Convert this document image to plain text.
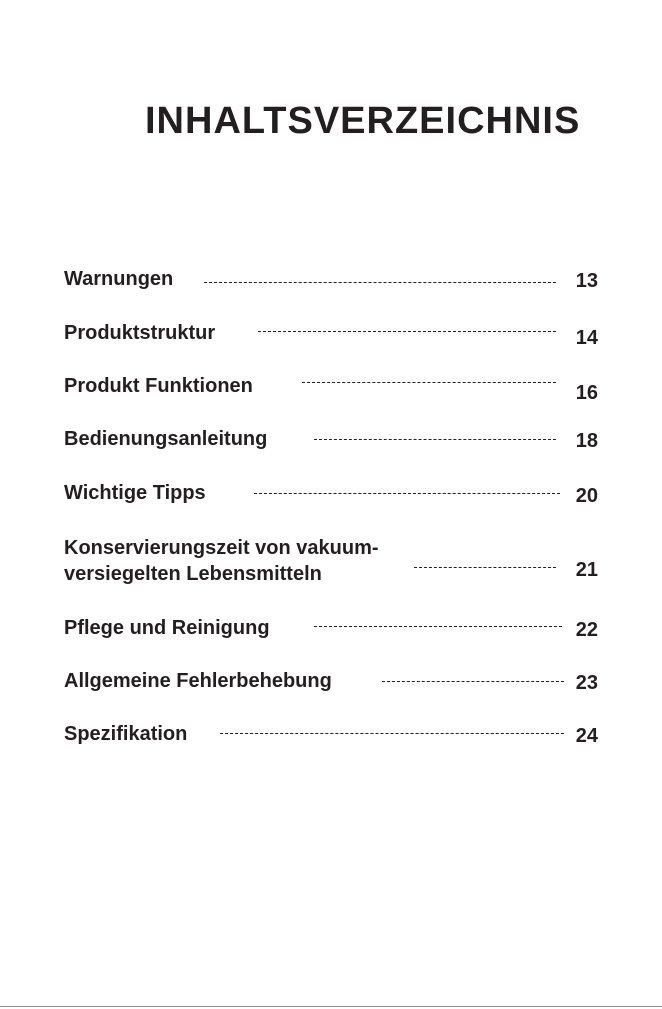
INHALTSVERZEICHNIS
Warnungen	13
Produktstruktur	14
Produkt Funktionen	16
Bedienungsanleitung	18
Wichtige Tipps	20
Konservierungszeit von vakuum-
versiegelten Lebensmitteln	21
Pflege und Reinigung	22
Allgemeine Fehlerbehebung	23
Spezifikation	24
